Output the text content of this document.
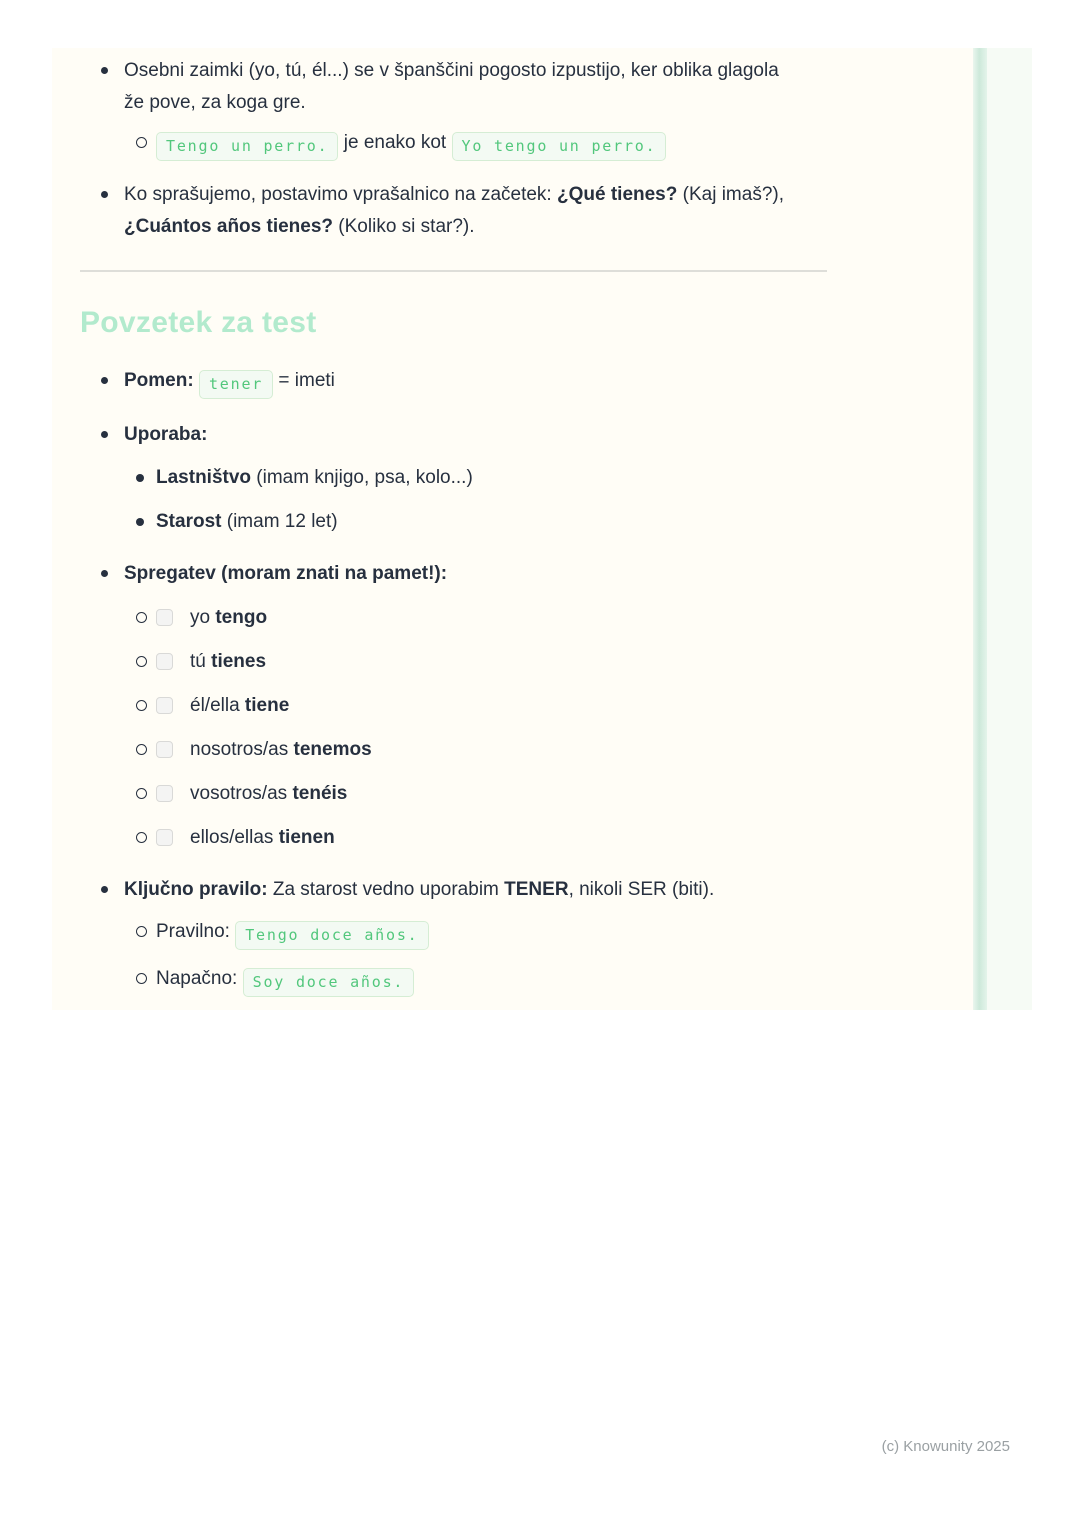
Osebni zaimki (yo, tú, él...) se v španščini pogosto izpustijo, ker oblika glagola
že pove, za koga gre.
Tengo un perro. je enako kot Yo tengo un perro.
Ko sprašujemo, postavimo vprašalnico na začetek: ¿Qué tienes? (Kaj imaš?),
¿Cuántos años tienes? (Koliko si star?).
Povzetek za test
Pomen: tener = imeti
Uporaba:
Lastništvo (imam knjigo, psa, kolo...)
Starost (imam 12 let)
Spregatev (moram znati na pamet!):
yo tengo
tú tienes
él/ella tiene
nosotros/as tenemos
vosotros/as tenéis
ellos/ellas tienen
Ključno pravilo: Za starost vedno uporabim TENER, nikoli SER (biti).
Pravilno: Tengo doce años.
Napačno: Soy doce años.
(c) Knowunity 2025
